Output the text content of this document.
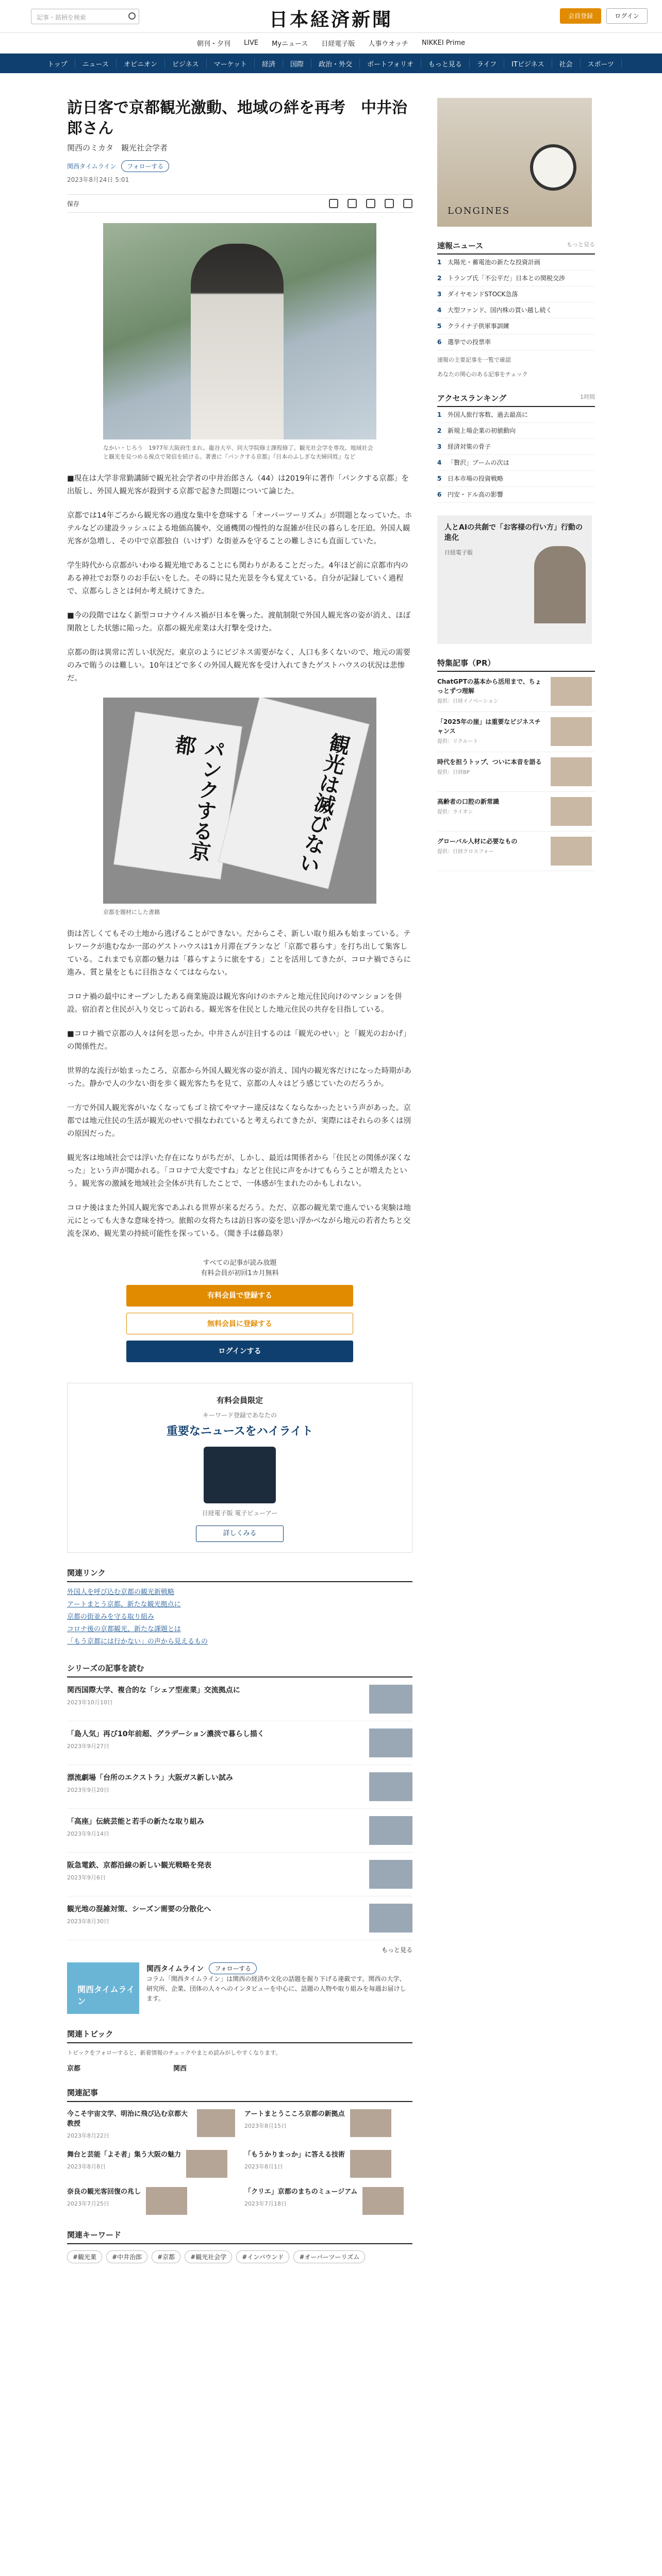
記事・銘柄を検索	日本経済新聞	会員登録	ログイン
朝刊・夕刊 LIVE Myニュース 日経電子版 人事ウオッチ NIKKEI Prime
トップ	ニュース	オピニオン	ビジネス	マーケット	経済	国際	政治・外交	ポートフォリオ	もっと見る	ライフ	ITビジネス	社会	スポーツ
訪日客で京都観光激動、地域の絆を再考　中井治郎さん
関西のミカタ　観光社会学者
関西タイムライン	フォローする
2023年8月24日 5:01
保存
なかい・じろう　1977年大阪府生まれ。龍谷大卒、同大学院修士課程修了。観光社会学を専攻。地域社会と観光を見つめる視点で発信を続ける。著書に『パンクする京都』『日本のふしぎな夫婦同姓』など

■現在は大学非常勤講師で観光社会学者の中井治郎さん（44）は2019年に著作「パンクする京都」を出版し、外国人観光客が殺到する京都で起きた問題について論じた。

京都では14年ごろから観光客の過度な集中を意味する「オーバーツーリズム」が問題となっていた。ホテルなどの建設ラッシュによる地価高騰や、交通機関の慢性的な混雑が住民の暮らしを圧迫。外国人観光客が急増し、その中で京都独自（いけず）な街並みを守ることの難しさにも直面していた。

学生時代から京都がいわゆる観光地であることにも関わりがあることだった。4年ほど前に京都市内のある神社でお祭りのお手伝いをした。その時に見た光景を今も覚えている。自分が記録していく過程で、京都らしさとは何か考え続けてきた。

■今の段階ではなく新型コロナウイルス禍が日本を襲った。渡航制限で外国人観光客の姿が消え、ほぼ閑散とした状態に陥った。京都の観光産業は大打撃を受けた。

京都の街は異常に苦しい状況だ。東京のようにビジネス需要がなく、人口も多くないので、地元の需要のみで賄うのは難しい。10年ほどで多くの外国人観光客を受け入れてきたゲストハウスの状況は悲惨だ。

パンクする京都	観光は滅びない
京都を題材にした書籍

街は苦しくてもその土地から逃げることができない。だからこそ、新しい取り組みも始まっている。テレワークが進むなか一部のゲストハウスは1カ月滞在プランなど「京都で暮らす」を打ち出して集客している。これまでも京都の魅力は「暮らすように旅をする」ことを活用してきたが、コロナ禍でさらに進み、質と量をともに目指さなくてはならない。

コロナ禍の最中にオープンしたある商業施設は観光客向けのホテルと地元住民向けのマンションを併設。宿泊者と住民が入り交じって訪れる。観光客を住民とした地元住民の共存を目指している。

■コロナ禍で京都の人々は何を思ったか。中井さんが注目するのは「観光のせい」と「観光のおかげ」の関係性だ。

世界的な流行が始まったころ、京都から外国人観光客の姿が消え、国内の観光客だけになった時期があった。静かで人の少ない街を歩く観光客たちを見て、京都の人々はどう感じていたのだろうか。

一方で外国人観光客がいなくなってもゴミ捨てやマナー違反はなくならなかったという声があった。京都では地元住民の生活が観光のせいで損なわれていると考えられてきたが、実際にはそれらの多くは別の原因だった。

観光客は地域社会では浮いた存在になりがちだが、しかし、最近は関係者から「住民との関係が深くなった」という声が聞かれる。「コロナで大変ですね」などと住民に声をかけてもらうことが増えたという。観光客の激減を地域社会全体が共有したことで、一体感が生まれたのかもしれない。

コロナ後はまた外国人観光客であふれる世界が来るだろう。ただ、京都の観光業で進んでいる実験は地元にとっても大きな意味を持つ。旅館の女将たちは訪日客の姿を思い浮かべながら地元の若者たちと交流を深め、観光業の持続可能性を探っている。（聞き手は藤島翠）

すべての記事が読み放題
有料会員が初回1カ月無料
有料会員で登録する
無料会員に登録する
ログインする
有料会員限定
キーワード登録であなたの
重要なニュースをハイライト
日経電子版 電子ビューアー
詳しくみる
関連リンク
外国人を呼び込む京都の観光新戦略
アートまとう京都、新たな観光拠点に
京都の街並みを守る取り組み
コロナ後の京都観光、新たな課題とは
「もう京都には行かない」の声から見えるもの
シリーズの記事を読む
関西国際大学、複合的な「シェア型産業」交流拠点に
2023年10月10日
「島人気」再び10年前超、グラデーション濃淡で暮らし描く
2023年9月27日
漂流劇場「台所のエクストラ」大阪ガス新しい試み
2023年9月20日
「高座」伝統芸能と若手の新たな取り組み
2023年9月14日
阪急電鉄、京都沿線の新しい観光戦略を発表
2023年9月6日
観光地の混雑対策、シーズン需要の分散化へ
2023年8月30日
もっと見る
関西タイムライン
関西タイムライン	フォローする
コラム「関西タイムライン」は関西の経済や文化の話題を掘り下げる連載です。関西の大学、研究所、企業、団体の人々へのインタビューを中心に、話題の人物や取り組みを毎週お届けします。
関連トピック
トピックをフォローすると、新着情報のチェックやまとめ読みがしやすくなります。
京都	関西
関連記事
今こそ宇宙文学、明治に飛び込む京都大教授
2023年8月22日
アートまとうこころ京都の新拠点
2023年8月15日
舞台と芸能「よそ者」集う大阪の魅力
2023年8月8日
「もうかりまっか」に答える技術
2023年8月1日
奈良の観光客回復の兆し
2023年7月25日
「クリエ」京都のまちのミュージアム
2023年7月18日
関連キーワード
#観光業	#中井治郎	#京都	#観光社会学	#インバウンド	#オーバーツーリズム
LONGINES
速報ニュース	もっと見る
1 太陽光・蓄電池の新たな投資計画
2 トランプ氏「不公平だ」日本との関税交渉
3 ダイヤモンドSTOCK急落
4 大型ファンド、国内株の買い越し続く
5 クライナ子供軍事訓練
6 選挙での投票率
速報の主要記事を一覧で確認
あなたの関心のある記事をチェック
アクセスランキング	1時間
1 外国人旅行客数、過去最高に
2 新規上場企業の初値動向
3 経済対策の骨子
4 「贅沢」ブームの次は
5 日本市場の投資戦略
6 円安・ドル高の影響
人とAIの共創で「お客様の行い方」行動の進化
日経電子版
特集記事（PR）
ChatGPTの基本から活用まで、ちょっとずつ理解
提供：日経イノベーション
「2025年の崖」は重要なビジネスチャンス
提供：リクルート
時代を担うトップ、ついに本音を語る
提供：日経BP
高齢者の口腔の新常識
提供：ライオン
グローバル人材に必要なもの
提供：日経クロスフォー
